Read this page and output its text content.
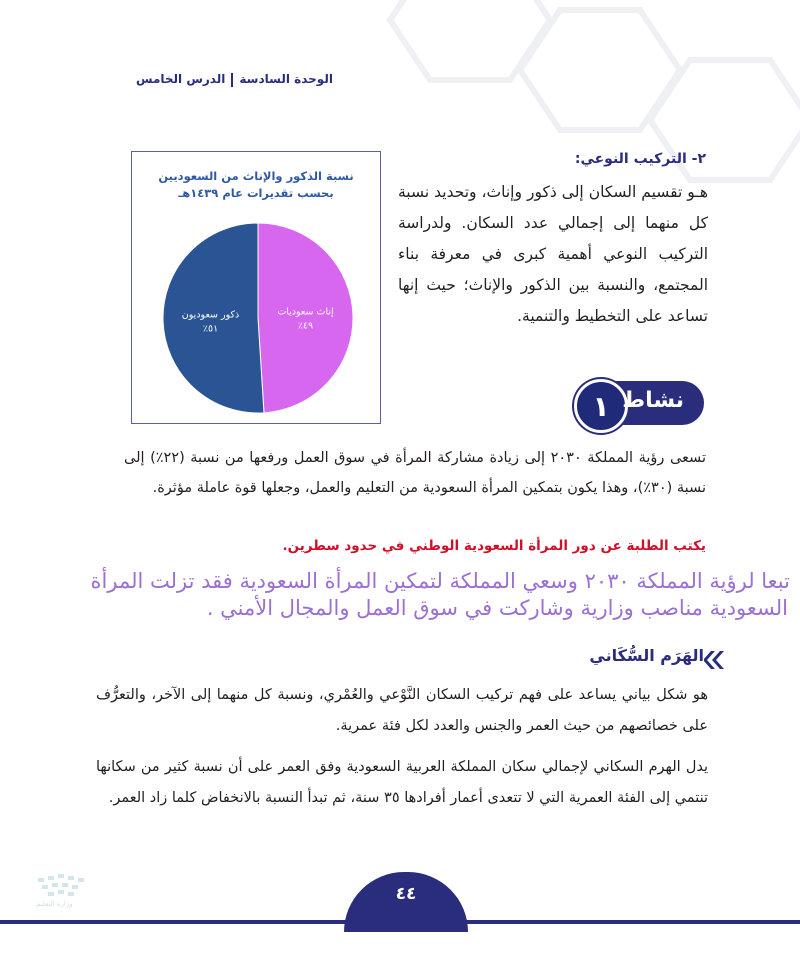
الوحدة السادسةالدرس الخامس
نسبة الذكور والإناث من السعوديين
بحسب تقديرات عام ١٤٣٩هـ
إناث سعوديات
٤٩٪
ذكور سعوديون
٥١٪
٢- التركيب النوعي:
هـو تقسيم السكان إلى ذكور وإناث، وتحديد نسبة كل منهما إلى إجمالي عدد السكان. ولدراسة التركيب النوعي أهمية كبرى في معرفة بناء المجتمع، والنسبة بين الذكور والإناث؛ حيث إنها تساعد على التخطيط والتنمية.
١ نشاط
تسعى رؤية المملكة ٢٠٣٠ إلى زيادة مشاركة المرأة في سوق العمل ورفعها من نسبة (٢٢٪) إلى نسبة (٣٠٪)، وهذا يكون بتمكين المرأة السعودية من التعليم والعمل، وجعلها قوة عاملة مؤثرة.
يكتب الطلبة عن دور المرأة السعودية الوطني في حدود سطرين.
تبعا لرؤية المملكة ٢٠٣٠ وسعي المملكة لتمكين المرأة السعودية فقد تزلت المرأة
السعودية مناصب وزارية وشاركت في سوق العمل والمجال الأمني .
الهَرَم السُّكَاني
هو شكل بياني يساعد على فهم تركيب السكان النَّوْعي والعُمْري، ونسبة كل منهما إلى الآخر، والتعرُّف على خصائصهم من حيث العمر والجنس والعدد لكل فئة عمرية.
يدل الهرم السكاني لإجمالي سكان المملكة العربية السعودية وفق العمر على أن نسبة كثير من سكانها تنتمي إلى الفئة العمرية التي لا تتعدى أعمار أفرادها ٣٥ سنة، ثم تبدأ النسبة بالانخفاض كلما زاد العمر.
وزارة التعليم	٤٤
